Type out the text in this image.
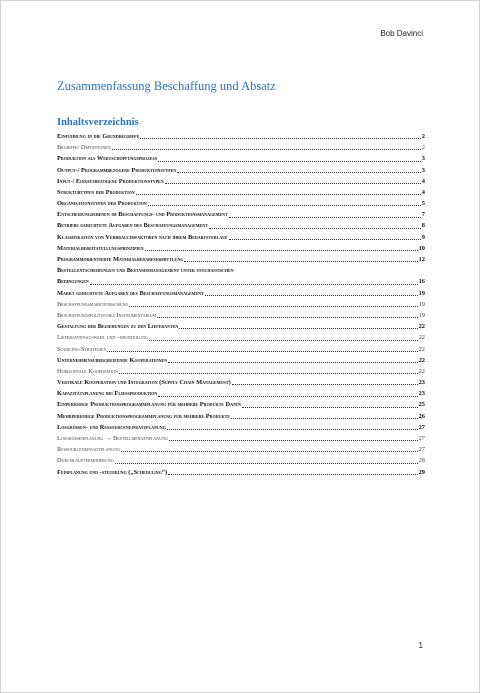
Bob Davinci
Zusammenfassung Beschaffung und Absatz
Inhaltsverzeichnis
Einführung in die Grundbegriffe	2
Begriffe/ Definitionen	2
Produktion als Wertschöpfungsprozess	3
Output-/ Programmbezogene Produktionstypen	3
Input-/ Einsatzbezogene Produktionstypen	4
Strukturtypen der Produktion	4
Organisationstypen der Produktion	5
Entscheidungsebenen im Beschaffungs- und Produktionsmanagement	7
Betriebs gerichtete Aufgaben des Beschaffungsmanagement	8
Klassifikation von Verbrauchsfaktoren nach ihrem Bedarfsverlauf	9
Materialbereitstellungsprinzipien	10
Programmorientierte Materialbedarfsermittlung	12
Bestellentscheidungen und Bestandsmanagement unter stochastischen
Bedingungen	16
Markt gerichtete Aufgaben des Beschaffungsmanagement	19
Beschaffungsmarktforschung	19
Beschaffungspolitisches Instrumentarium	19
Gestaltung der Beziehungen zu den Lieferanten	22
Lieferantenauswahl und –beurteilung	22
Sourcing-Strategien	22
Unternehmensübergreifende Kooperationen	22
Horizontale Kooperation	22
Vertikale Kooperation und Integration (Supply Chain Management)	23
Kapazitätsplanung bei Fließproduktion	23
Einperiodige Produktionsprogrammplanung für mehrere Produkte Daten	25
Mehrperiodige Produktionsprogrammplanung für mehrere Produkte	26
Losgrößen- und Ressourceneinsatzplanung	27
Losgrößenplanung → Bestellmengenplanung	27
Ressourceneinsatzplanung	27
Durchlaufterminierung	28
Feinplanung und -steuerung („Scheduling“)	29
1
